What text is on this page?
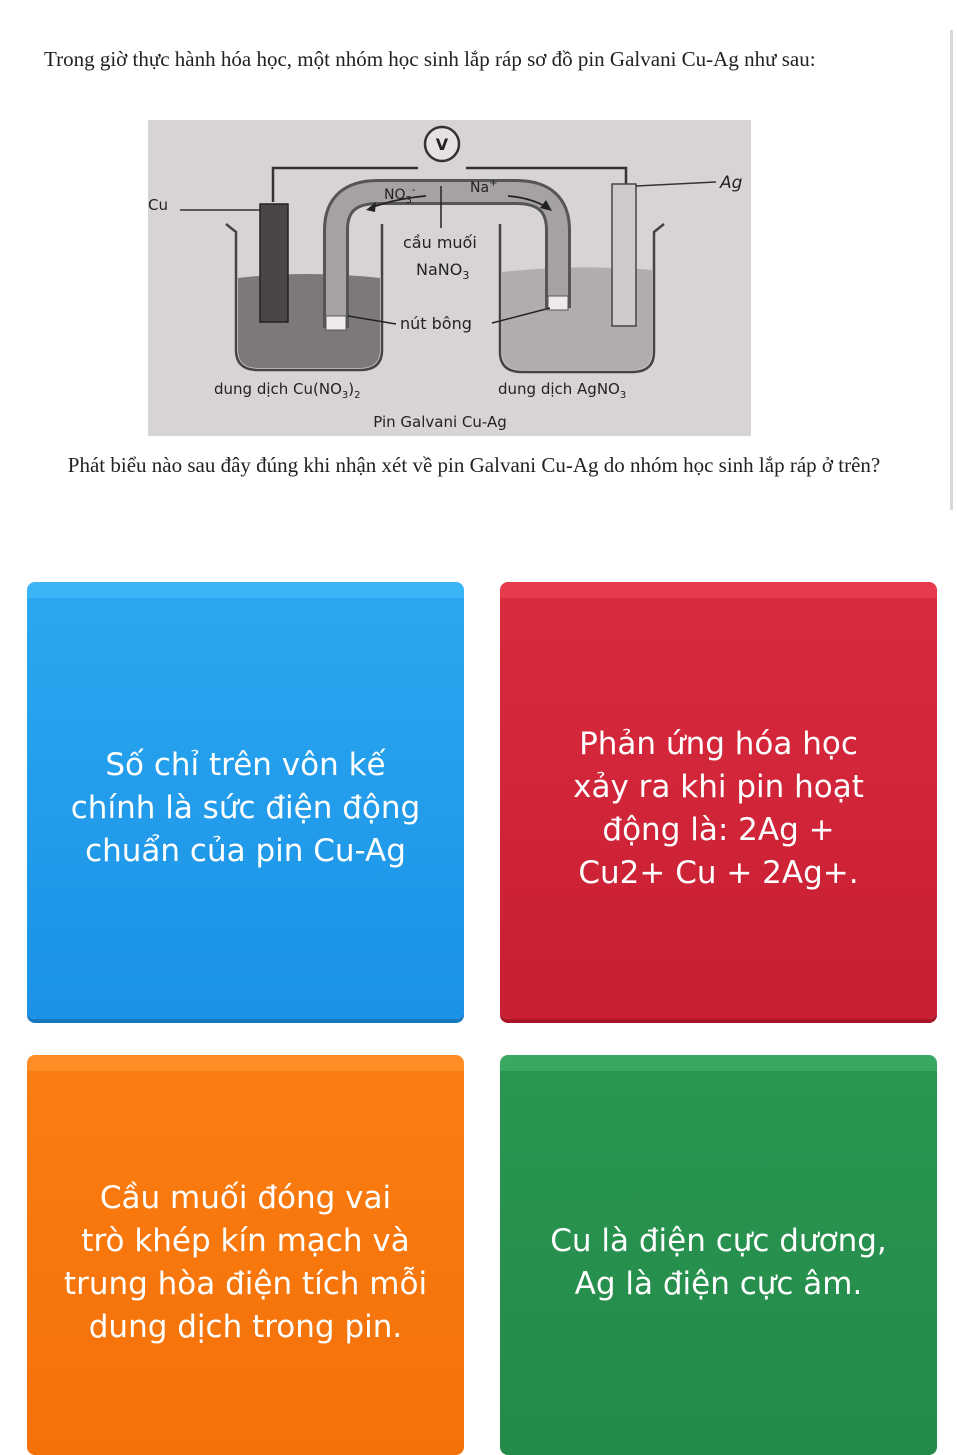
Trong giờ thực hành hóa học, một nhóm học sinh lắp ráp sơ đồ pin Galvani Cu-Ag như sau:
V
Cu
Ag
$NO_3^-$	Na+
cầu muối
NaNO$_3$
nút bông
dung dịch $Cu(NO_3)_2$	dung dịch AgNO$_3$
Pin Galvani Cu-Ag
Phát biểu nào sau đây đúng khi nhận xét về pin Galvani Cu-Ag do nhóm học sinh lắp ráp ở trên?
Số chỉ trên vôn kế
chính là sức điện động
chuẩn của pin Cu-Ag
Phản ứng hóa học
xảy ra khi pin hoạt
động là: 2Ag +
Cu2+ Cu + 2Ag+.
Cầu muối đóng vai
trò khép kín mạch và
trung hòa điện tích mỗi
dung dịch trong pin.
Cu là điện cực dương,
Ag là điện cực âm.
